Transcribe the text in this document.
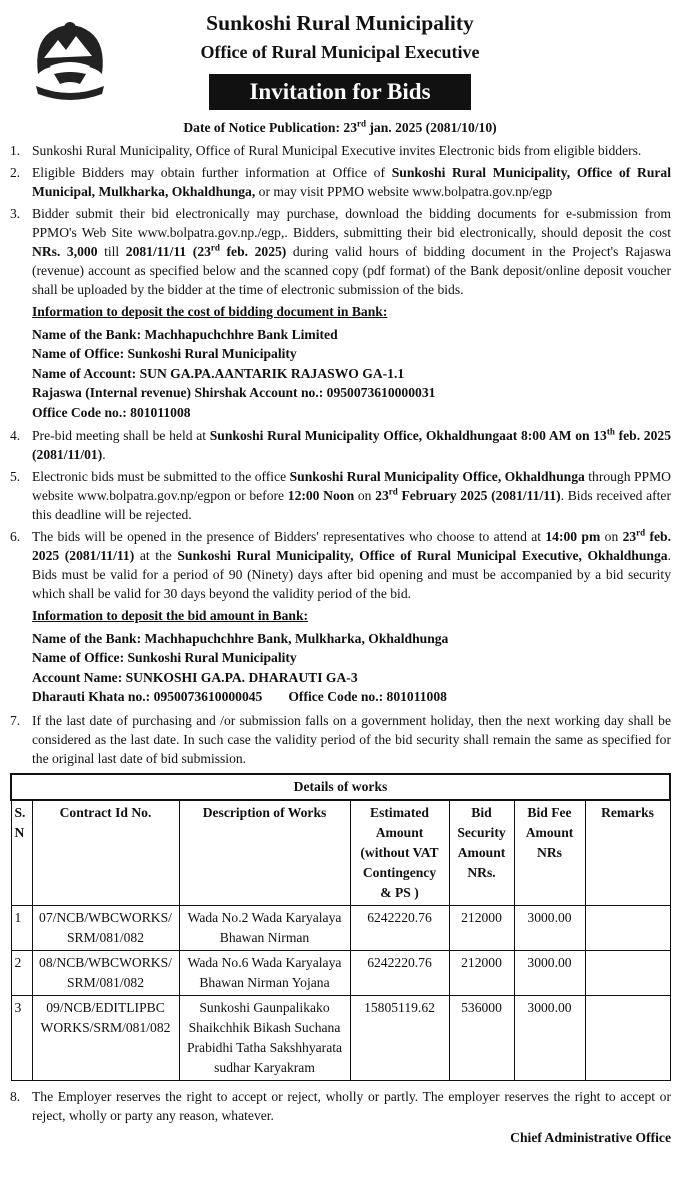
Sunkoshi Rural Municipality
Office of Rural Municipal Executive
Invitation for Bids
Date of Notice Publication: 23rd jan. 2025 (2081/10/10)
1. Sunkoshi Rural Municipality, Office of Rural Municipal Executive invites Electronic bids from eligible bidders.
2. Eligible Bidders may obtain further information at Office of Sunkoshi Rural Municipality, Office of Rural Municipal, Mulkharka, Okhaldhunga, or may visit PPMO website www.bolpatra.gov.np/egp
3. Bidder submit their bid electronically may purchase, download the bidding documents for e-submission from PPMO's Web Site www.bolpatra.gov.np./egp,. Bidders, submitting their bid electronically, should deposit the cost NRs. 3,000 till 2081/11/11 (23rd feb. 2025) during valid hours of bidding document in the Project's Rajaswa (revenue) account as specified below and the scanned copy (pdf format) of the Bank deposit/online deposit voucher shall be uploaded by the bidder at the time of electronic submission of the bids.
Information to deposit the cost of bidding document in Bank:
Name of the Bank: Machhapuchchhre Bank Limited
Name of Office: Sunkoshi Rural Municipality
Name of Account: SUN GA.PA.AANTARIK RAJASWO GA-1.1
Rajaswa (Internal revenue) Shirshak Account no.: 0950073610000031
Office Code no.: 801011008
4. Pre-bid meeting shall be held at Sunkoshi Rural Municipality Office, Okhaldhungaat 8:00 AM on 13th feb. 2025 (2081/11/01).
5. Electronic bids must be submitted to the office Sunkoshi Rural Municipality Office, Okhaldhunga through PPMO website www.bolpatra.gov.np/egpon or before 12:00 Noon on 23rd February 2025 (2081/11/11). Bids received after this deadline will be rejected.
6. The bids will be opened in the presence of Bidders' representatives who choose to attend at 14:00 pm on 23rd feb. 2025 (2081/11/11) at the Sunkoshi Rural Municipality, Office of Rural Municipal Executive, Okhaldhunga. Bids must be valid for a period of 90 (Ninety) days after bid opening and must be accompanied by a bid security which shall be valid for 30 days beyond the validity period of the bid.
Information to deposit the bid amount in Bank:
Name of the Bank: Machhapuchchhre Bank, Mulkharka, Okhaldhunga
Name of Office: Sunkoshi Rural Municipality
Account Name: SUNKOSHI GA.PA. DHARAUTI GA-3
Dharauti Khata no.: 0950073610000045 Office Code no.: 801011008
7. If the last date of purchasing and /or submission falls on a government holiday, then the next working day shall be considered as the last date. In such case the validity period of the bid security shall remain the same as specified for the original last date of bid submission.
Details of works						
S.
N	Contract Id No.	Description of Works	Estimated
Amount
(without VAT
Contingency
& PS )	Bid
Security
Amount
NRs.	Bid Fee
Amount
NRs	Remarks
1	07/NCB/WBCWORKS/
SRM/081/082	Wada No.2 Wada Karyalaya
Bhawan Nirman	6242220.76	212000	3000.00	
2	08/NCB/WBCWORKS/
SRM/081/082	Wada No.6 Wada Karyalaya
Bhawan Nirman Yojana	6242220.76	212000	3000.00	
3	09/NCB/EDITLIPBC
WORKS/SRM/081/082	Sunkoshi Gaunpalikako
Shaikchhik Bikash Suchana
Prabidhi Tatha Sakshhyarata
sudhar Karyakram	15805119.62	536000	3000.00	
8. The Employer reserves the right to accept or reject, wholly or partly. The employer reserves the right to accept or reject, wholly or party any reason, whatever.
Chief Administrative Office
